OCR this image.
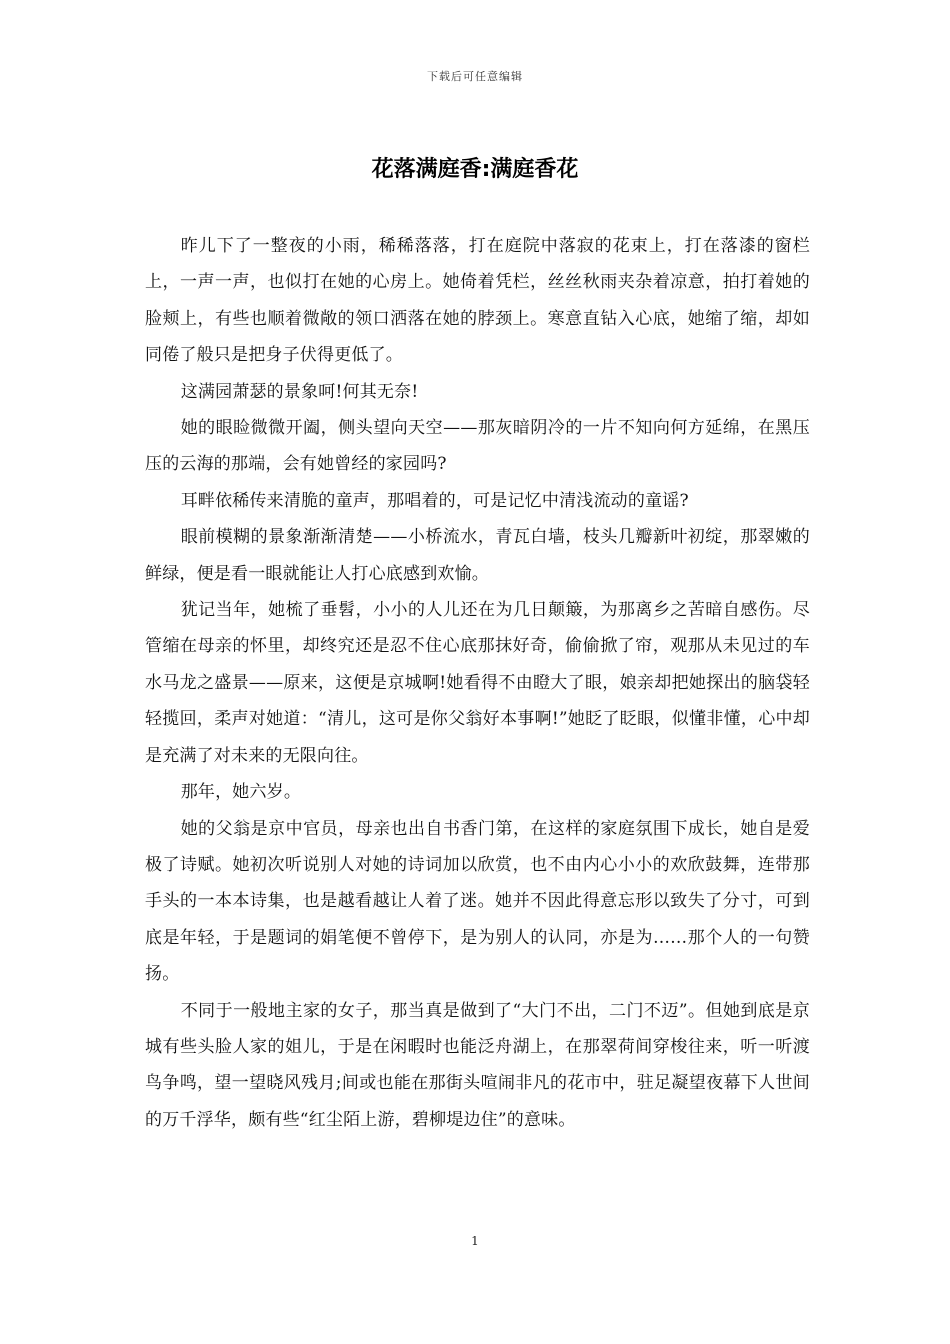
下载后可任意编辑
花落满庭香:满庭香花

昨儿下了一整夜的小雨，稀稀落落，打在庭院中落寂的花束上，打在落漆的窗栏上，一声一声，也似打在她的心房上。她倚着凭栏，丝丝秋雨夹杂着凉意，拍打着她的脸颊上，有些也顺着微敞的领口洒落在她的脖颈上。寒意直钻入心底，她缩了缩，却如同倦了般只是把身子伏得更低了。

这满园萧瑟的景象呵!何其无奈!

她的眼睑微微开阖，侧头望向天空——那灰暗阴冷的一片不知向何方延绵，在黑压压的云海的那端，会有她曾经的家园吗?

耳畔依稀传来清脆的童声，那唱着的，可是记忆中清浅流动的童谣?

眼前模糊的景象渐渐清楚——小桥流水，青瓦白墙，枝头几瓣新叶初绽，那翠嫩的鲜绿，便是看一眼就能让人打心底感到欢愉。

犹记当年，她梳了垂髫，小小的人儿还在为几日颠簸，为那离乡之苦暗自感伤。尽管缩在母亲的怀里，却终究还是忍不住心底那抹好奇，偷偷掀了帘，观那从未见过的车水马龙之盛景——原来，这便是京城啊!她看得不由瞪大了眼，娘亲却把她探出的脑袋轻轻揽回，柔声对她道：“清儿，这可是你父翁好本事啊!”她眨了眨眼，似懂非懂，心中却是充满了对未来的无限向往。

那年，她六岁。

她的父翁是京中官员，母亲也出自书香门第，在这样的家庭氛围下成长，她自是爱极了诗赋。她初次听说别人对她的诗词加以欣赏，也不由内心小小的欢欣鼓舞，连带那手头的一本本诗集，也是越看越让人着了迷。她并不因此得意忘形以致失了分寸，可到底是年轻，于是题词的娟笔便不曾停下，是为别人的认同，亦是为……那个人的一句赞扬。

不同于一般地主家的女子，那当真是做到了“大门不出，二门不迈”。但她到底是京城有些头脸人家的姐儿，于是在闲暇时也能泛舟湖上，在那翠荷间穿梭往来，听一听渡鸟争鸣，望一望晓风残月;间或也能在那街头喧闹非凡的花市中，驻足凝望夜幕下人世间的万千浮华，颇有些“红尘陌上游，碧柳堤边住”的意味。

1
